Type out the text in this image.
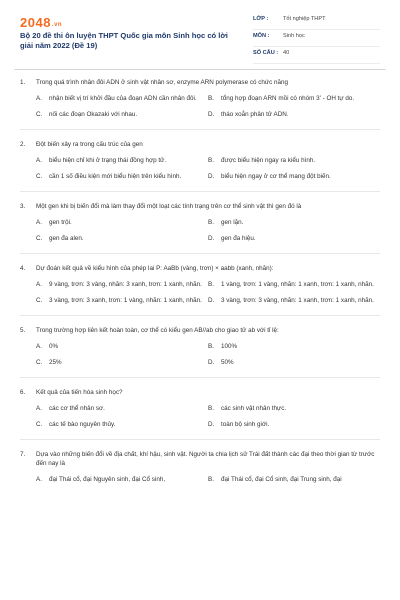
2048.vn
Bộ 20 đề thi ôn luyện THPT Quốc gia môn Sinh học có lời giải năm 2022 (Đề 19)
LỚP :	Tốt nghiệp THPT
MÔN :	Sinh học
SỐ CÂU : 40
1.	Trong quá trình nhân đôi ADN ở sinh vật nhân sơ, enzyme ARN polymerase có chức năng
A.	nhận biết vị trí khởi đầu của đoạn ADN cần nhân đôi.	B.	tổng hợp đoạn ARN mồi có nhóm 3' - OH tự do.
C.	nối các đoạn Okazaki với nhau.	D.	tháo xoắn phân tử ADN.
2.	Đột biến xảy ra trong cấu trúc của gen
A.	biểu hiện chỉ khi ở trạng thái đồng hợp tử.	B.	được biểu hiện ngay ra kiểu hình.
C.	cần 1 số điều kiện mới biểu hiện trên kiểu hình.	D.	biểu hiện ngay ở cơ thể mang đột biến.
3.	Một gen khi bị biến đổi mà làm thay đổi một loạt các tính trạng trên cơ thể sinh vật thì gen đó là
A.	gen trội.	B.	gen lặn.
C.	gen đa alen.	D.	gen đa hiệu.
4.	Dự đoán kết quả về kiểu hình của phép lai P: AaBb (vàng, trơn) × aabb (xanh, nhăn):
A.	9 vàng, trơn: 3 vàng, nhăn: 3 xanh, trơn: 1 xanh, nhăn. B.	1 vàng, trơn: 1 vàng, nhăn: 1 xanh, trơn: 1 xanh, nhăn.
C.	3 vàng, trơn: 3 xanh, trơn: 1 vàng, nhăn: 1 xanh, nhăn. D.	3 vàng, trơn: 3 vàng, nhăn: 1 xanh, trơn: 1 xanh, nhăn.
5.	Trong trường hợp liên kết hoàn toàn, cơ thể có kiểu gen AB//ab cho giao tử ab với tỉ lệ:
A.	0%	B.	100%
C.	25%	D.	50%
6.	Kết quả của tiến hóa sinh học?
A.	các cơ thể nhân sơ.	B.	các sinh vật nhân thực.
C.	các tế bào nguyên thủy.	D.	toàn bộ sinh giới.
7.	Dựa vào những biến đổi về địa chất, khí hậu, sinh vật. Người ta chia lịch sử Trái đất thành các đại theo thời gian từ trước đến nay là
A.	đại Thái cổ, đại Nguyên sinh, đại Cổ sinh,	B.	đại Thái cổ, đại Cổ sinh, đại Trung sinh, đại
